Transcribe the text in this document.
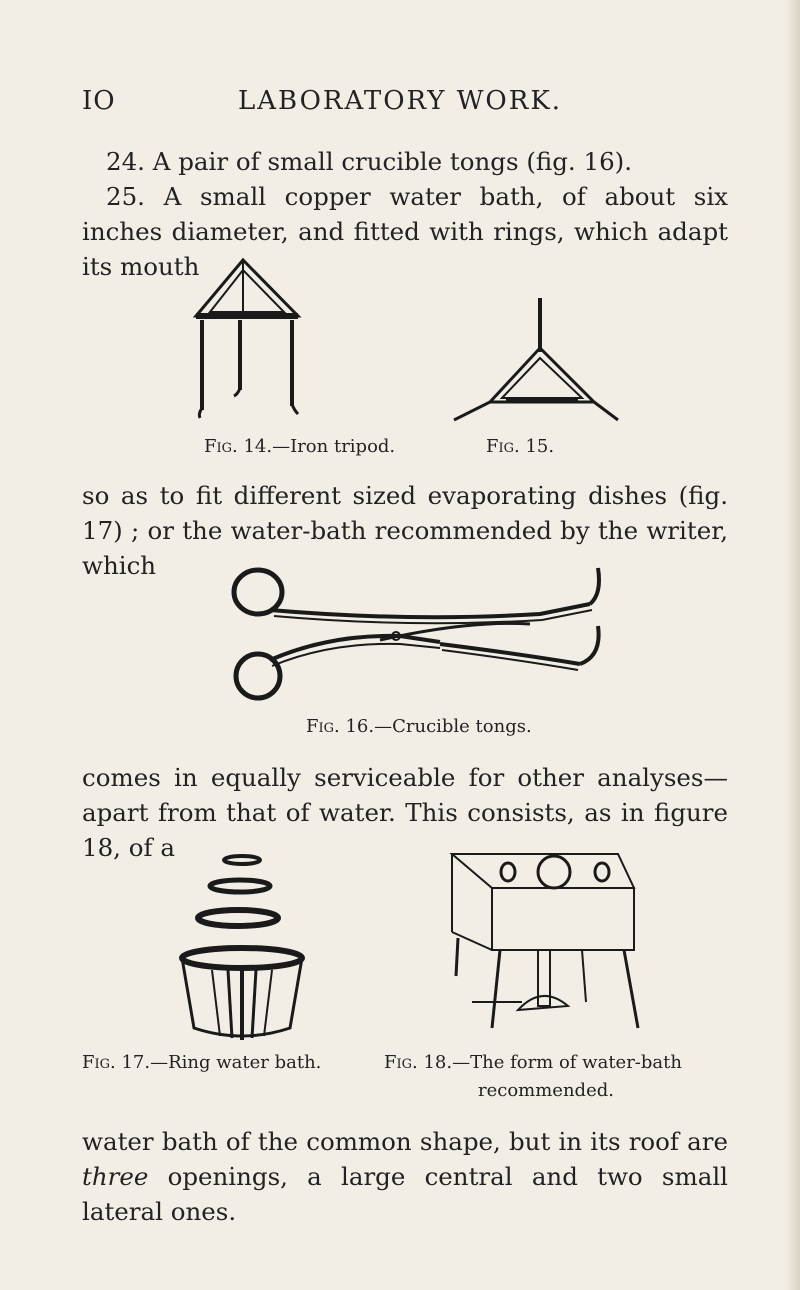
IO	LABORATORY WORK.

24. A pair of small crucible tongs (fig. 16).

25. A small copper water bath, of about six inches diameter, and fitted with rings, which adapt its mouth

Fig. 14.—Iron tripod.	Fig. 15.

so as to fit different sized evaporating dishes (fig. 17) ; or the water-bath recommended by the writer, which

Fig. 16.—Crucible tongs.

comes in equally serviceable for other analyses—apart from that of water. This consists, as in figure 18, of a

Fig. 17.—Ring water bath.	Fig. 18.—The form of water-bath
recommended.

water bath of the common shape, but in its roof are three openings, a large central and two small lateral ones.
